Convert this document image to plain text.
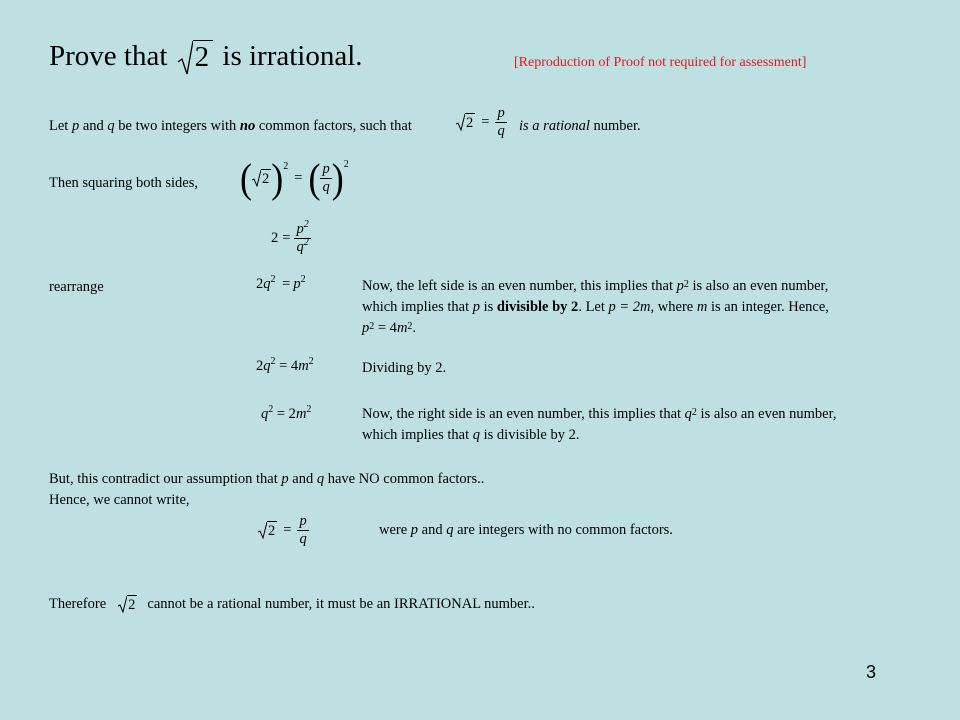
Prove that 2 is irrational.	[Reproduction of Proof not required for assessment]
Let p and q be two integers with no common factors, such that	$2 = \frac{p}{q}$ is a rational number.
Then squaring both sides, ( 2 )$^2$
= ( $\frac{p}{q} )^2$
$2 = \frac{p^2}{q^2}$
rearrange	$2q^2 = p^2$	Now, the left side is an even number, this implies that $p^2$ is also an even number, which implies that p is divisible by 2. Let p = 2m, where m is an integer. Hence, $p^2 = 4m^2$.
$2q^2 = 4m^2$	Dividing by 2.
$q^2 = 2m^2$	Now, the right side is an even number, this implies that $q^2$ is also an even number, which implies that q is divisible by 2.
But, this contradict our assumption that p and q have NO common factors..
Hence, we cannot write,
$2 = \frac{p}{q}$	were p and q are integers with no common factors.
Therefore 2 cannot be a rational number, it must be an IRRATIONAL number..
3
